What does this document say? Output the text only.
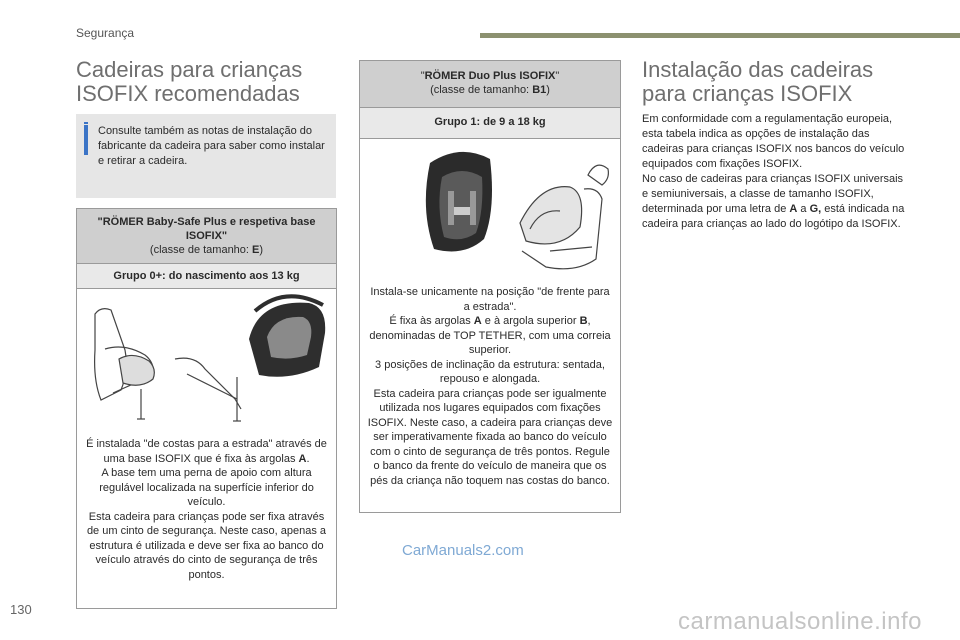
Segurança
Cadeiras para crianças
ISOFIX recomendadas
Consulte também as notas de instalação do fabricante da cadeira para saber como instalar e retirar a cadeira.
"RÖMER Baby-Safe Plus e respetiva base ISOFIX"
(classe de tamanho: E)
Grupo 0+: do nascimento aos 13 kg
É instalada "de costas para a estrada" através de uma base ISOFIX que é fixa às argolas A.
A base tem uma perna de apoio com altura regulável localizada na superfície inferior do veículo.
Esta cadeira para crianças pode ser fixa através de um cinto de segurança. Neste caso, apenas a estrutura é utilizada e deve ser fixa ao banco do veículo através do cinto de segurança de três pontos.
"RÖMER Duo Plus ISOFIX"
(classe de tamanho: B1)
Grupo 1: de 9 a 18 kg
Instala-se unicamente na posição "de frente para a estrada".
É fixa às argolas A e à argola superior B, denominadas de TOP TETHER, com uma correia superior.
3 posições de inclinação da estrutura: sentada, repouso e alongada.
Esta cadeira para crianças pode ser igualmente utilizada nos lugares equipados com fixações ISOFIX. Neste caso, a cadeira para crianças deve ser imperativamente fixada ao banco do veículo com o cinto de segurança de três pontos. Regule o banco da frente do veículo de maneira que os pés da criança não toquem nas costas do banco.
Instalação das cadeiras
para crianças ISOFIX
Em conformidade com a regulamentação europeia, esta tabela indica as opções de instalação das cadeiras para crianças ISOFIX nos bancos do veículo equipados com fixações ISOFIX.
No caso de cadeiras para crianças ISOFIX universais e semiuniversais, a classe de tamanho ISOFIX, determinada por uma letra de A a G, está indicada na cadeira para crianças ao lado do logótipo da ISOFIX.
CarManuals2.com
130	carmanualsonline.info
